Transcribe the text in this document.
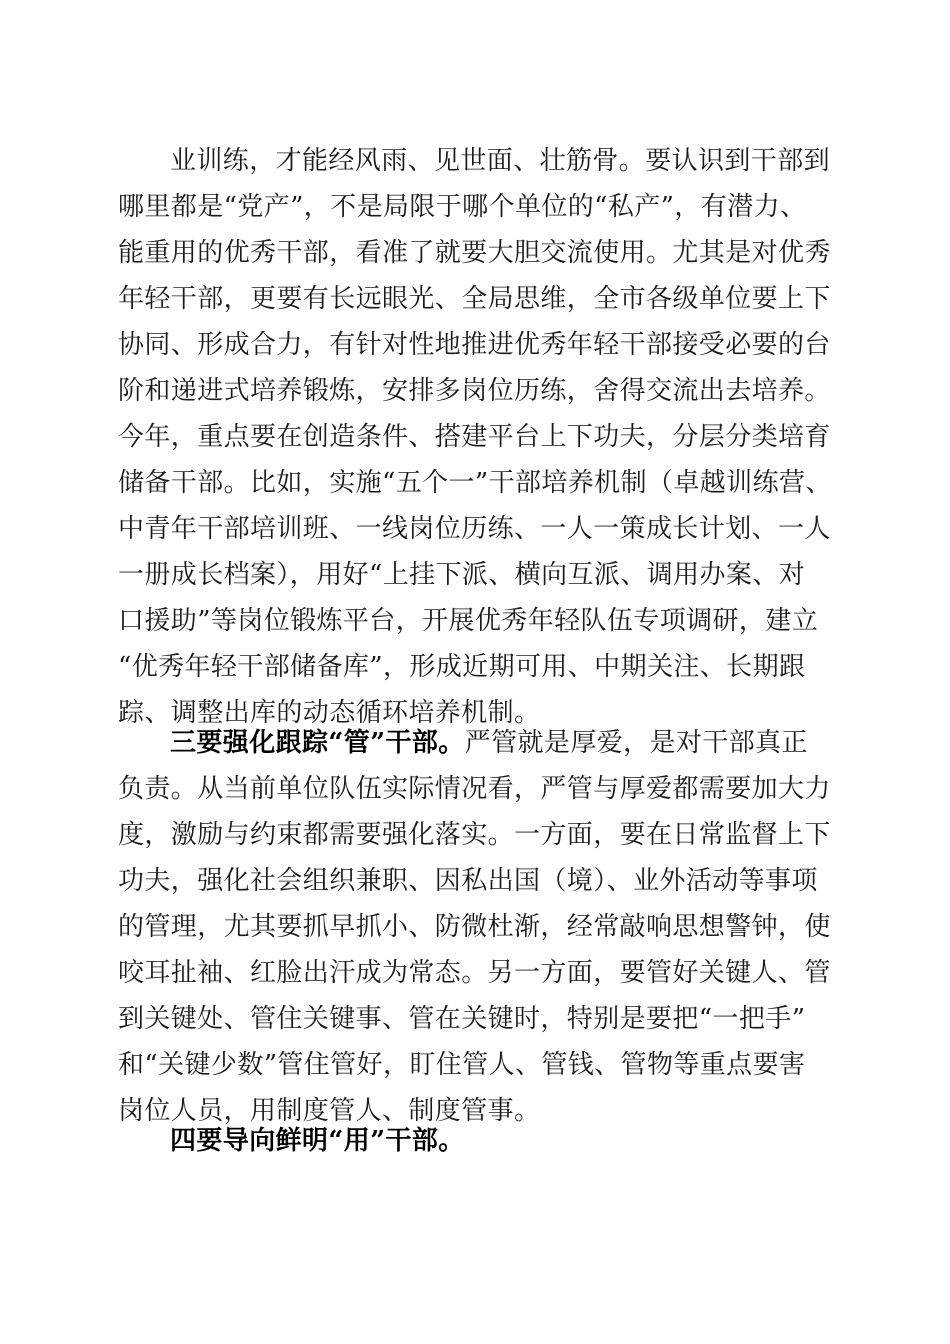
业训练，才能经风雨、见世面、壮筋骨。要认识到干部到
哪里都是“党产”，不是局限于哪个单位的“私产”，有潜力、
能重用的优秀干部，看准了就要大胆交流使用。尤其是对优秀
年轻干部，更要有长远眼光、全局思维，全市各级单位要上下
协同、形成合力，有针对性地推进优秀年轻干部接受必要的台
阶和递进式培养锻炼，安排多岗位历练，舍得交流出去培养。
今年，重点要在创造条件、搭建平台上下功夫，分层分类培育
储备干部。比如，实施“五个一”干部培养机制（卓越训练营、
中青年干部培训班、一线岗位历练、一人一策成长计划、一人
一册成长档案），用好“上挂下派、横向互派、调用办案、对
口援助”等岗位锻炼平台，开展优秀年轻队伍专项调研，建立
“优秀年轻干部储备库”，形成近期可用、中期关注、长期跟
踪、调整出库的动态循环培养机制。
三要强化跟踪“管”干部。严管就是厚爱，是对干部真正
负责。从当前单位队伍实际情况看，严管与厚爱都需要加大力
度，激励与约束都需要强化落实。一方面，要在日常监督上下
功夫，强化社会组织兼职、因私出国（境）、业外活动等事项
的管理，尤其要抓早抓小、防微杜渐，经常敲响思想警钟，使
咬耳扯袖、红脸出汗成为常态。另一方面，要管好关键人、管
到关键处、管住关键事、管在关键时，特别是要把“一把手”
和“关键少数”管住管好，盯住管人、管钱、管物等重点要害
岗位人员，用制度管人、制度管事。
四要导向鲜明“用”干部。
